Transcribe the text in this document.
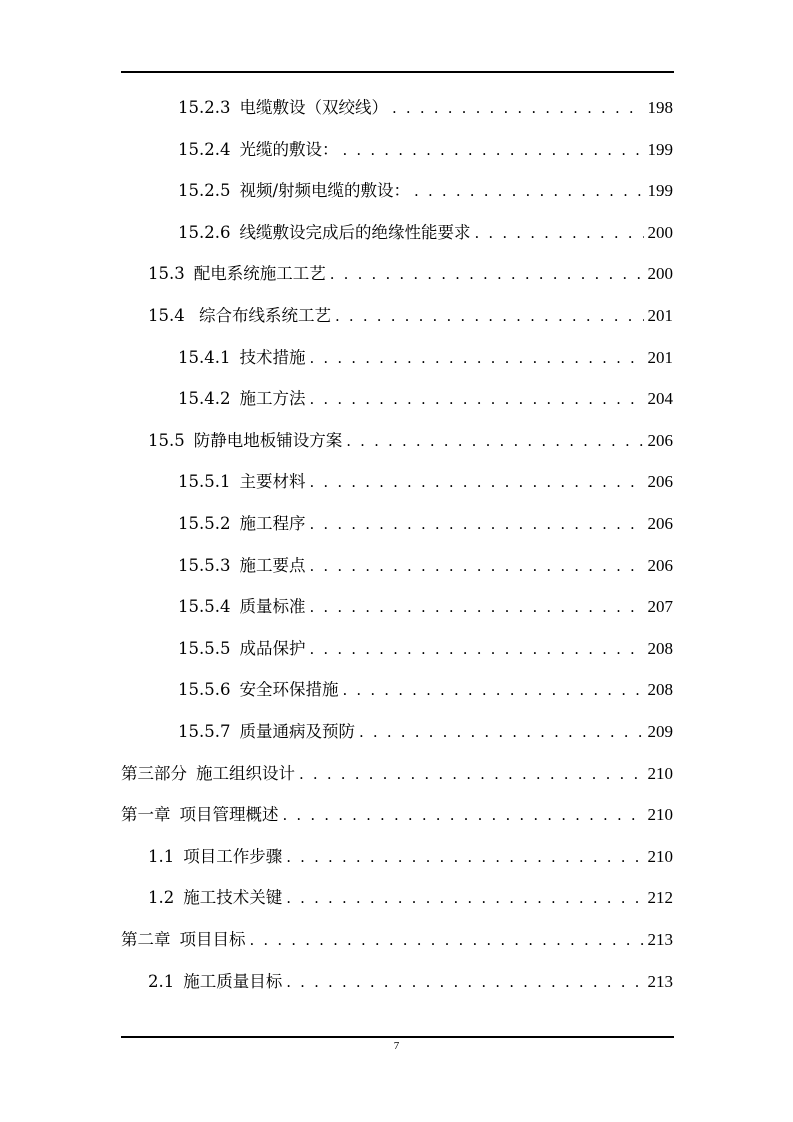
15.2.3 电缆敷设（双绞线） . . .	198
15.2.4 光缆的敷设： . . .	199
15.2.5 视频/射频电缆的敷设： . . .	199
15.2.6 线缆敷设完成后的绝缘性能要求 . . .	200
15.3 配电系统施工工艺 . . .	200
15.4 综合布线系统工艺 . . .	201
15.4.1 技术措施 . . .	201
15.4.2 施工方法 . . .	204
15.5 防静电地板铺设方案 . . .	206
15.5.1 主要材料 . . .	206
15.5.2 施工程序 . . .	206
15.5.3 施工要点 . . .	206
15.5.4 质量标准 . . .	207
15.5.5 成品保护 . . .	208
15.5.6 安全环保措施 . . .	208
15.5.7 质量通病及预防 . . .	209
第三部分 施工组织设计 . . .	210
第一章 项目管理概述 . . .	210
1.1 项目工作步骤 . . .	210
1.2 施工技术关键 . . .	212
第二章 项目目标 . . .	213
2.1 施工质量目标 . . .	213
7
